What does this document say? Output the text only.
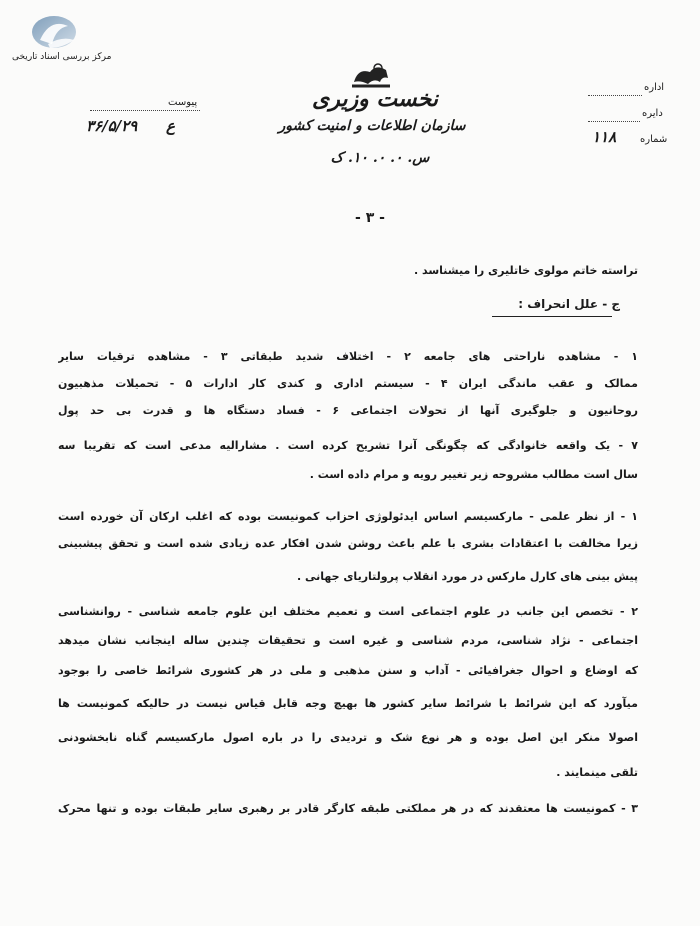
مرکز بررسی اسناد تاریخی
نخست وزیری
سازمان اطلاعات و امنیت کشور
س. ۰. ۰. ۱۰. ک
پیوست
۳۶/۵/۲۹ ع
اداره
دایره
شماره
۱۱۸
- ۳ -
تراسته خاتم مولوی خاتلیری را میشناسد .
ج - علل انحراف :
۱ - مشاهده ناراحتی های جامعه ۲ - اختلاف شدید طبقاتی ۳ - مشاهده ترقیات سایر
ممالک و عقب ماندگی ایران ۴ - سیستم اداری و کندی کار ادارات ۵ - تحمیلات مذهبیون
روحانیون و جلوگیری آنها از تحولات اجتماعی ۶ - فساد دستگاه ها و قدرت بی حد پول
۷ - یک واقعه خانوادگی که چگونگی آنرا تشریح کرده است . مشارالیه مدعی است که تقریبا سه
سال است مطالب مشروحه زیر تغییر رویه و مرام داده است .
۱ - از نظر علمی - مارکسیسم اساس ایدئولوژی احزاب کمونیست بوده که اغلب ارکان آن خورده است
زیرا مخالفت با اعتقادات بشری با علم باعث روشن شدن افکار عده زیادی شده است و تحقق پیشبینی
پیش بینی های کارل مارکس در مورد انقلاب پرولتاریای جهانی .
۲ - تخصص این جانب در علوم اجتماعی است و تعمیم مختلف این علوم جامعه شناسی - روانشناسی
اجتماعی - نژاد شناسی، مردم شناسی و غیره است و تحقیقات چندین ساله اینجانب نشان میدهد
که اوضاع و احوال جغرافیائی - آداب و سنن مذهبی و ملی در هر کشوری شرائط خاصی را بوجود
میآورد که این شرائط با شرائط سایر کشور ها بهیچ وجه قابل قیاس نیست در حالیکه کمونیست ها
اصولا منکر این اصل بوده و هر نوع شک و تردیدی را در باره اصول مارکسیسم گناه نابخشودنی
تلقی مینمایند .
۳ - کمونیست ها معتقدند که در هر مملکتی طبقه کارگر قادر بر رهبری سایر طبقات بوده و تنها محرک
